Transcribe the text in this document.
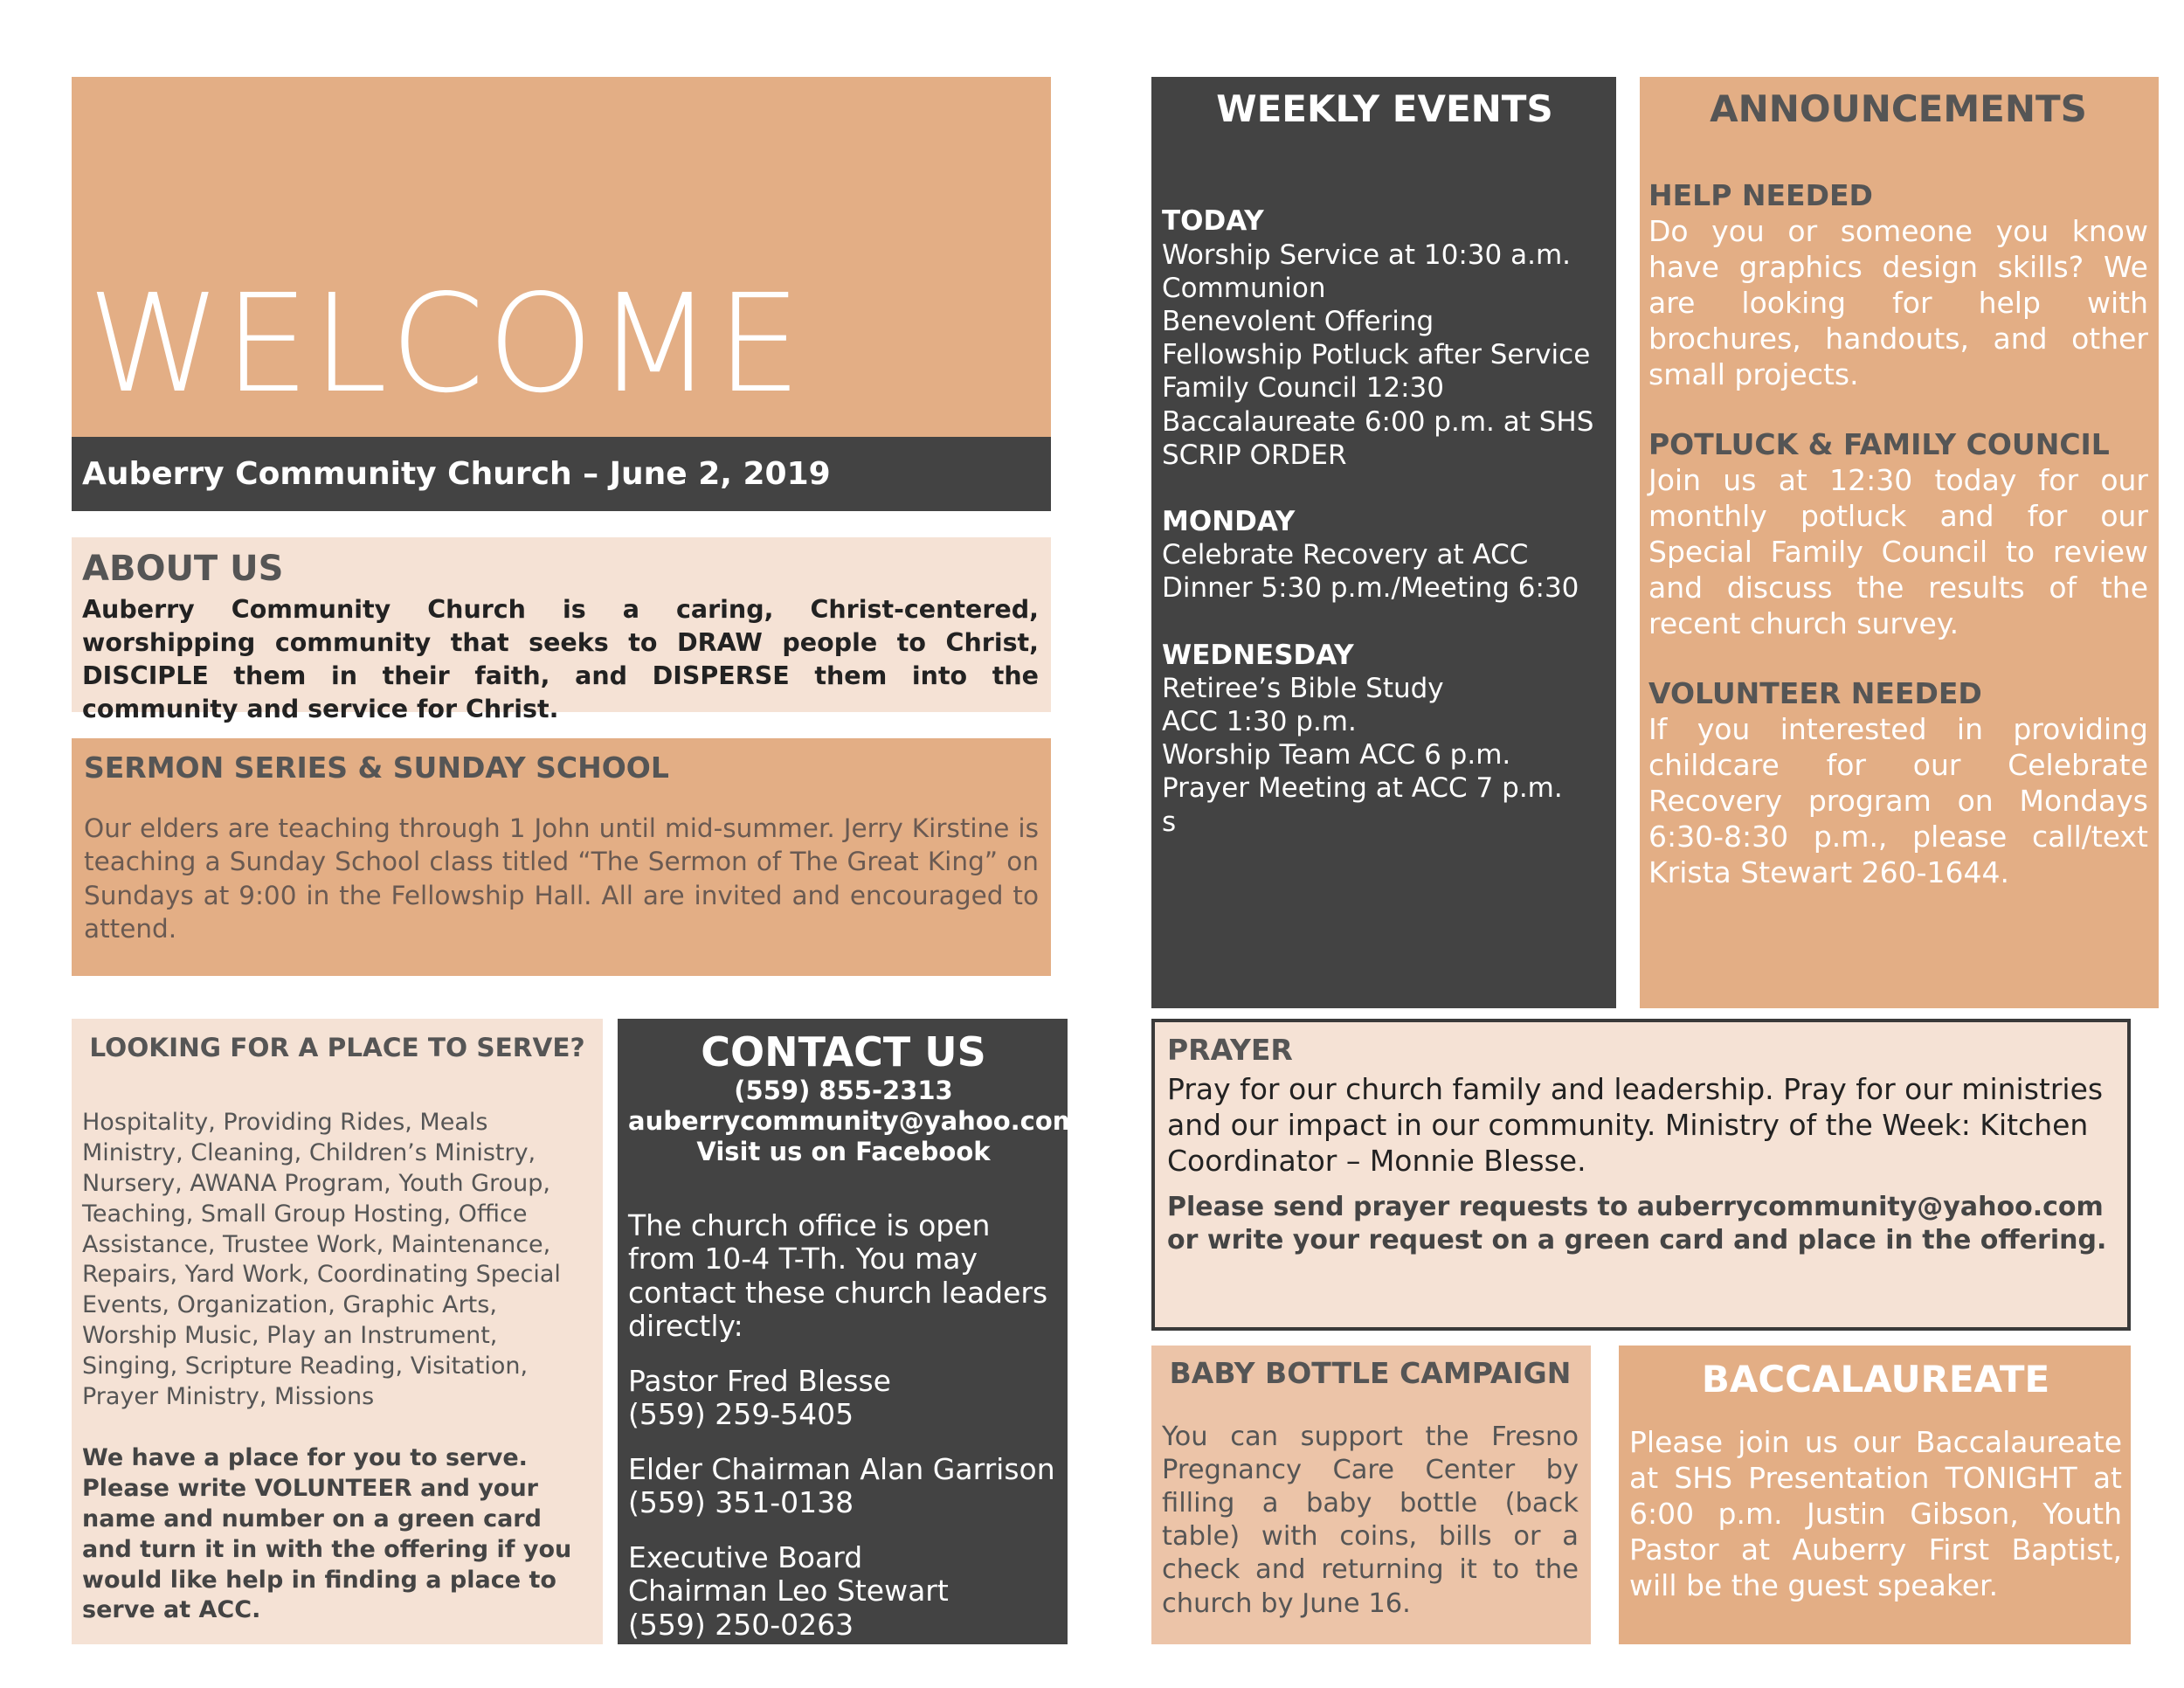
WELCOME
Auberry Community Church – June 2, 2019
ABOUT US
Auberry Community Church is a caring, Christ-centered, worshipping community that seeks to DRAW people to Christ, DISCIPLE them in their faith, and DISPERSE them into the community and service for Christ.
SERMON SERIES & SUNDAY SCHOOL
Our elders are teaching through 1 John until mid-summer. Jerry Kirstine is teaching a Sunday School class titled “The Sermon of The Great King” on Sundays at 9:00 in the Fellowship Hall. All are invited and encouraged to attend.
WEEKLY EVENTS
TODAY
Worship Service at 10:30 a.m.
Communion
Benevolent Offering
Fellowship Potluck after Service
Family Council 12:30
Baccalaureate 6:00 p.m. at SHS
SCRIP ORDER
MONDAY
Celebrate Recovery at ACC
Dinner 5:30 p.m./Meeting 6:30
WEDNESDAY
Retiree’s Bible Study
ACC 1:30 p.m.
Worship Team ACC 6 p.m.
Prayer Meeting at ACC 7 p.m.
s
ANNOUNCEMENTS
HELP NEEDED
Do you or someone you know have graphics design skills? We are looking for help with brochures, handouts, and other small projects.
POTLUCK & FAMILY COUNCIL
Join us at 12:30 today for our monthly potluck and for our Special Family Council to review and discuss the results of the recent church survey.
VOLUNTEER NEEDED
If you interested in providing childcare for our Celebrate Recovery program on Mondays 6:30-8:30 p.m., please call/text Krista Stewart 260-1644.
LOOKING FOR A PLACE TO SERVE?
Hospitality, Providing Rides, Meals Ministry, Cleaning, Children’s Ministry, Nursery, AWANA Program, Youth Group, Teaching, Small Group Hosting, Office Assistance, Trustee Work, Maintenance, Repairs, Yard Work, Coordinating Special Events, Organization, Graphic Arts, Worship Music, Play an Instrument, Singing, Scripture Reading, Visitation, Prayer Ministry, Missions
We have a place for you to serve. Please write VOLUNTEER and your name and number on a green card and turn it in with the offering if you would like help in finding a place to serve at ACC.
CONTACT US
(559) 855-2313
auberrycommunity@yahoo.com
Visit us on Facebook
The church office is open from 10-4 T-Th. You may contact these church leaders directly:
Pastor Fred Blesse
(559) 259-5405
Elder Chairman Alan Garrison
(559) 351-0138
Executive Board Chairman Leo Stewart
(559) 250-0263
PRAYER
Pray for our church family and leadership. Pray for our ministries and our impact in our community. Ministry of the Week: Kitchen Coordinator – Monnie Blesse.
Please send prayer requests to auberrycommunity@yahoo.com or write your request on a green card and place in the offering.
BABY BOTTLE CAMPAIGN
You can support the Fresno Pregnancy Care Center by filling a baby bottle (back table) with coins, bills or a check and returning it to the church by June 16.
BACCALAUREATE
Please join us our Baccalaureate at SHS Presentation TONIGHT at 6:00 p.m. Justin Gibson, Youth Pastor at Auberry First Baptist, will be the guest speaker.
